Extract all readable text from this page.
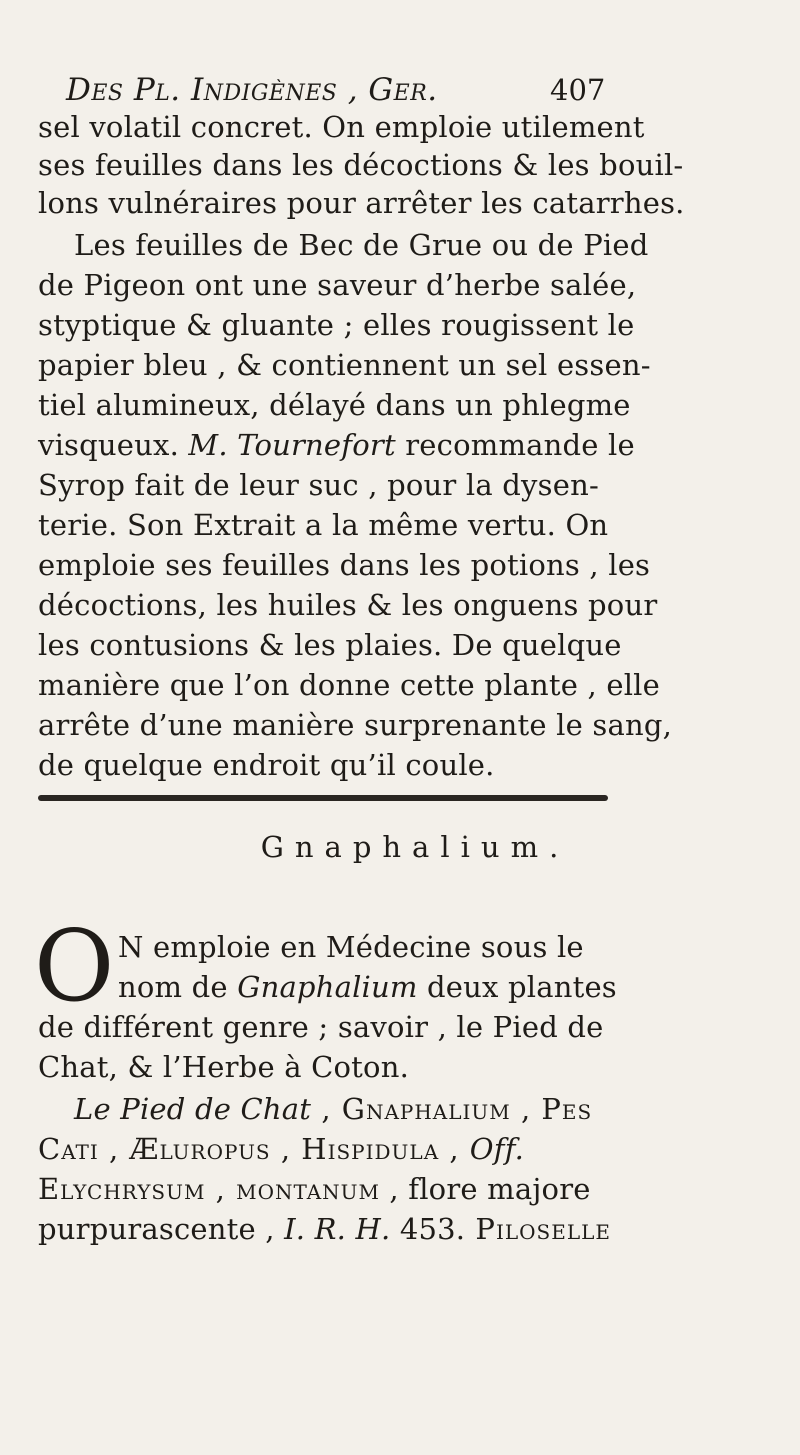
Des Pl. Indigènes , Ger.	407
sel volatil concret. On emploie utilement
ses feuilles dans les décoctions & les bouil-
lons vulnéraires pour arrêter les catarrhes.
Les feuilles de Bec de Grue ou de Pied
de Pigeon ont une saveur d’herbe salée,
styptique & gluante ; elles rougissent le
papier bleu , & contiennent un sel essen-
tiel alumineux, délayé dans un phlegme
visqueux. M. Tournefort recommande le
Syrop fait de leur suc , pour la dysen-
terie. Son Extrait a la même vertu. On
emploie ses feuilles dans les potions , les
décoctions, les huiles & les onguens pour
les contusions & les plaies. De quelque
manière que l’on donne cette plante , elle
arrête d’une manière surprenante le sang,
de quelque endroit qu’il coule.
N emploie en Médecine sous le
nom de Gnaphalium deux plantes
de différent genre ; savoir , le Pied de
Chat, & l’Herbe à Coton.
Le Pied de Chat , Gnaphalium , Pes
Cati , Æluropus , Hispidula , Off.
Elychrysum , montanum , flore majore
purpurascente , I. R. H. 453. Piloselle
Gnaphalium.
O
